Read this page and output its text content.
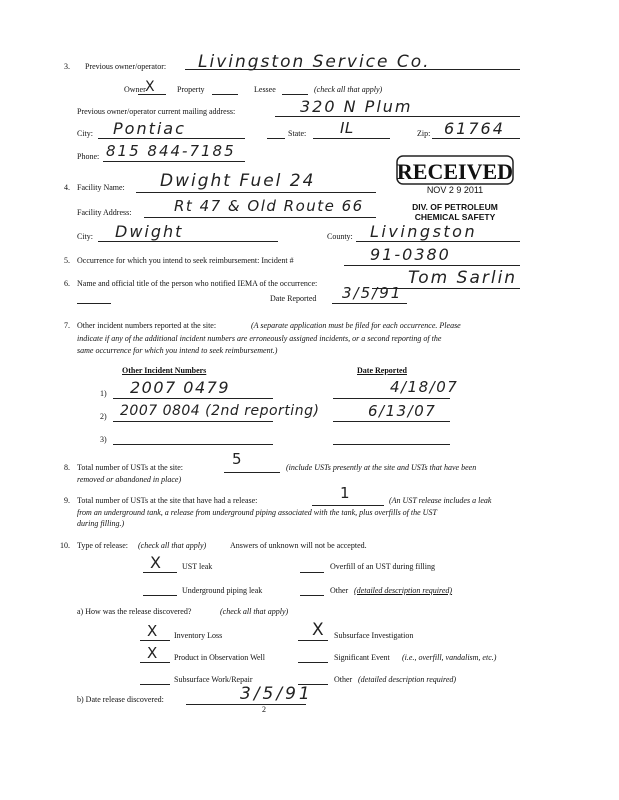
3. Previous owner/operator: Livingston Service Co.
Owner X	Property	Lessee	(check all that apply)
Previous owner/operator current mailing address:	320 N Plum
City: Pontiac	State: IL	Zip: 61764
Phone: 815 844-7185
RECEIVED
NOV 2 9 2011
DIV. OF PETROLEUM
CHEMICAL SAFETY
4. Facility Name: Dwight Fuel 24
Facility Address:	Rt 47 & Old Route 66
City: Dwight	County: Livingston
5. Occurrence for which you intend to seek reimbursement: Incident #	91-0380
6. Name and official title of the person who notified IEMA of the occurrence:	Tom Sarlin
Date Reported 3/5/91
7. Other incident numbers reported at the site:	(A separate application must be filed for each occurrence. Please
indicate if any of the additional incident numbers are erroneously assigned incidents, or a second reporting of the
same occurrence for which you intend to seek reimbursement.)
Other Incident Numbers	Date Reported
1) 2007 0479	4/18/07
2) 2007 0804 (2nd reporting)	6/13/07
3)
8. Total number of USTs at the site:	5	(include USTs presently at the site and USTs that have been
removed or abandoned in place)
9. Total number of USTs at the site that have had a release:	1	(An UST release includes a leak
from an underground tank, a release from underground piping associated with the tank, plus overfills of the UST
during filling.)
10. Type of release: (check all that apply)	Answers of unknown will not be accepted.
X	UST leak	Overfill of an UST during filling
Underground piping leak	Other (detailed description required)
a) How was the release discovered?	(check all that apply)
X Inventory Loss	X Subsurface Investigation
X Product in Observation Well	Significant Event (i.e., overfill, vandalism, etc.)
Subsurface Work/Repair	Other (detailed description required)
b) Date release discovered:	3/5/91
2
